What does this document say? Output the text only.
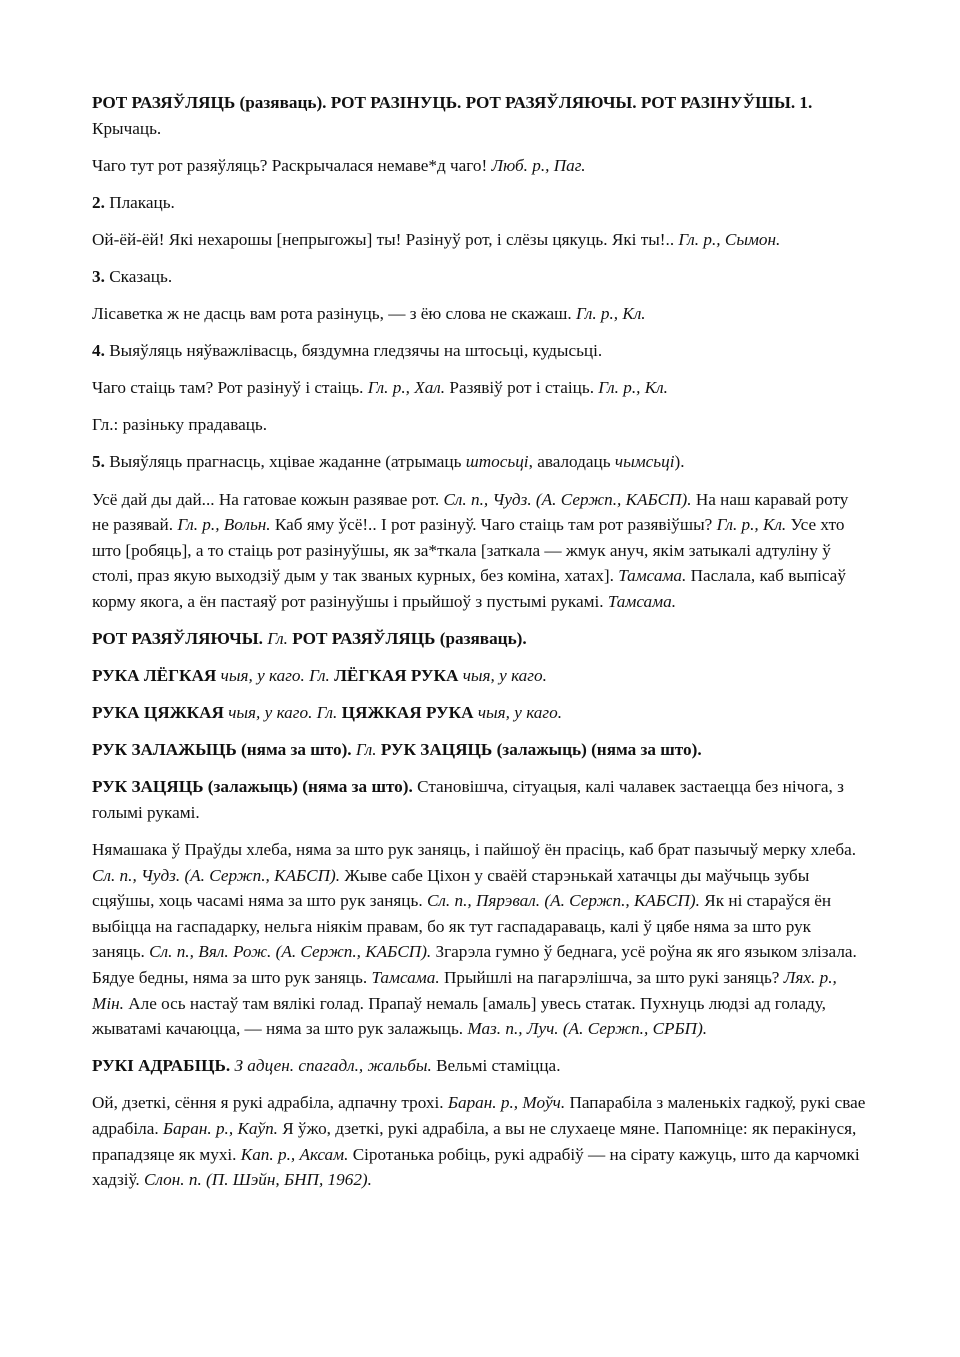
РОТ РАЗЯЎЛЯЦЬ (разяваць). РОТ РАЗІНУЦЬ. РОТ РАЗЯЎЛЯЮЧЫ. РОТ РАЗІНУЎШЫ. 1. Крычаць.

Чаго тут рот разяўляць? Раскрычалася немаве*д чаго! Люб. р., Паг.

2. Плакаць.

Ой-ёй-ёй! Які нехарошы [непрыгожы] ты! Разінуў рот, і слёзы цякуць. Які ты!.. Гл. р., Сымон.

3. Сказаць.

Лісаветка ж не дасць вам рота разінуць, — з ёю слова не скажаш. Гл. р., Кл.

4. Выяўляць няўважлівасць, бяздумна гледзячы на штосьці, кудысьці.

Чаго стаіць там? Рот разінуў і стаіць. Гл. р., Хал. Разявіў рот і стаіць. Гл. р., Кл.

Гл.: разіньку прадаваць.

5. Выяўляць прагнасць, хцівае жаданне (атрымаць штосьці, авалодаць чымсьці).

Усё дай ды дай... На гатовае кожын разявае рот. Сл. п., Чудз. (А. Сержп., КАБСП). На наш каравай роту не разявай. Гл. р., Вольн. Каб яму ўсё!.. І рот разінуў. Чаго стаіць там рот разявіўшы? Гл. р., Кл. Усе хто што [робяць], а то стаіць рот разінуўшы, як за*ткала [заткала — жмук ануч, якім затыкалі адтуліну ў столі, праз якую выходзіў дым у так званых курных, без коміна, хатах]. Тамсама. Паслала, каб выпісаў корму якога, а ён пастаяў рот разінуўшы і прыйшоў з пустымі рукамі. Тамсама.

РОТ РАЗЯЎЛЯЮЧЫ. Гл. РОТ РАЗЯЎЛЯЦЬ (разяваць).

РУКА ЛЁГКАЯ чыя, у каго. Гл. ЛЁГКАЯ РУКА чыя, у каго.

РУКА ЦЯЖКАЯ чыя, у каго. Гл. ЦЯЖКАЯ РУКА чыя, у каго.

РУК ЗАЛАЖЫЦЬ (няма за што). Гл. РУК ЗАЦЯЦЬ (залажыць) (няма за што).

РУК ЗАЦЯЦЬ (залажыць) (няма за што). Становішча, сітуацыя, калі чалавек застаецца без нічога, з голымі рукамі.

Нямашака ў Праўды хлеба, няма за што рук заняць, і пайшоў ён прасіць, каб брат пазычыў мерку хлеба. Сл. п., Чудз. (А. Сержп., КАБСП). Жыве сабе Ціхон у сваёй старэнькай хатачцы ды маўчыць зубы сцяўшы, хоць часамі няма за што рук заняць. Сл. п., Пярэвал. (А. Сержп., КАБСП). Як ні стараўся ён выбіцца на гаспадарку, нельга ніякім правам, бо як тут гаспадараваць, калі ў цябе няма за што рук заняць. Сл. п., Вял. Рож. (А. Сержп., КАБСП). Згарэла гумно ў беднага, усё роўна як яго языком злізала. Бядуе бедны, няма за што рук заняць. Тамсама. Прыйшлі на пагарэлішча, за што рукі заняць? Лях. р., Мін. Але ось настаў там вялікі голад. Прапаў немаль [амаль] увесь статак. Пухнуць людзі ад голаду, жыватамі качаюцца, — няма за што рук залажыць. Маз. п., Луч. (А. Сержп., СРБП).

РУКІ АДРАБІЦЬ. З адцен. спагадл., жальбы. Вельмі стаміцца.

Ой, дзеткі, сёння я рукі адрабіла, адпачну трохі. Баран. р., Моўч. Папарабіла з маленькіх гадкоў, рукі свае адрабіла. Баран. р., Каўп. Я ўжо, дзеткі, рукі адрабіла, а вы не слухаеце мяне. Папомніце: як перакінуся, прападзяце як мухі. Кап. р., Аксам. Сіротанька робіць, рукі адрабіў — на сірату кажуць, што да карчомкі хадзіў. Слон. п. (П. Шэйн, БНП, 1962).
